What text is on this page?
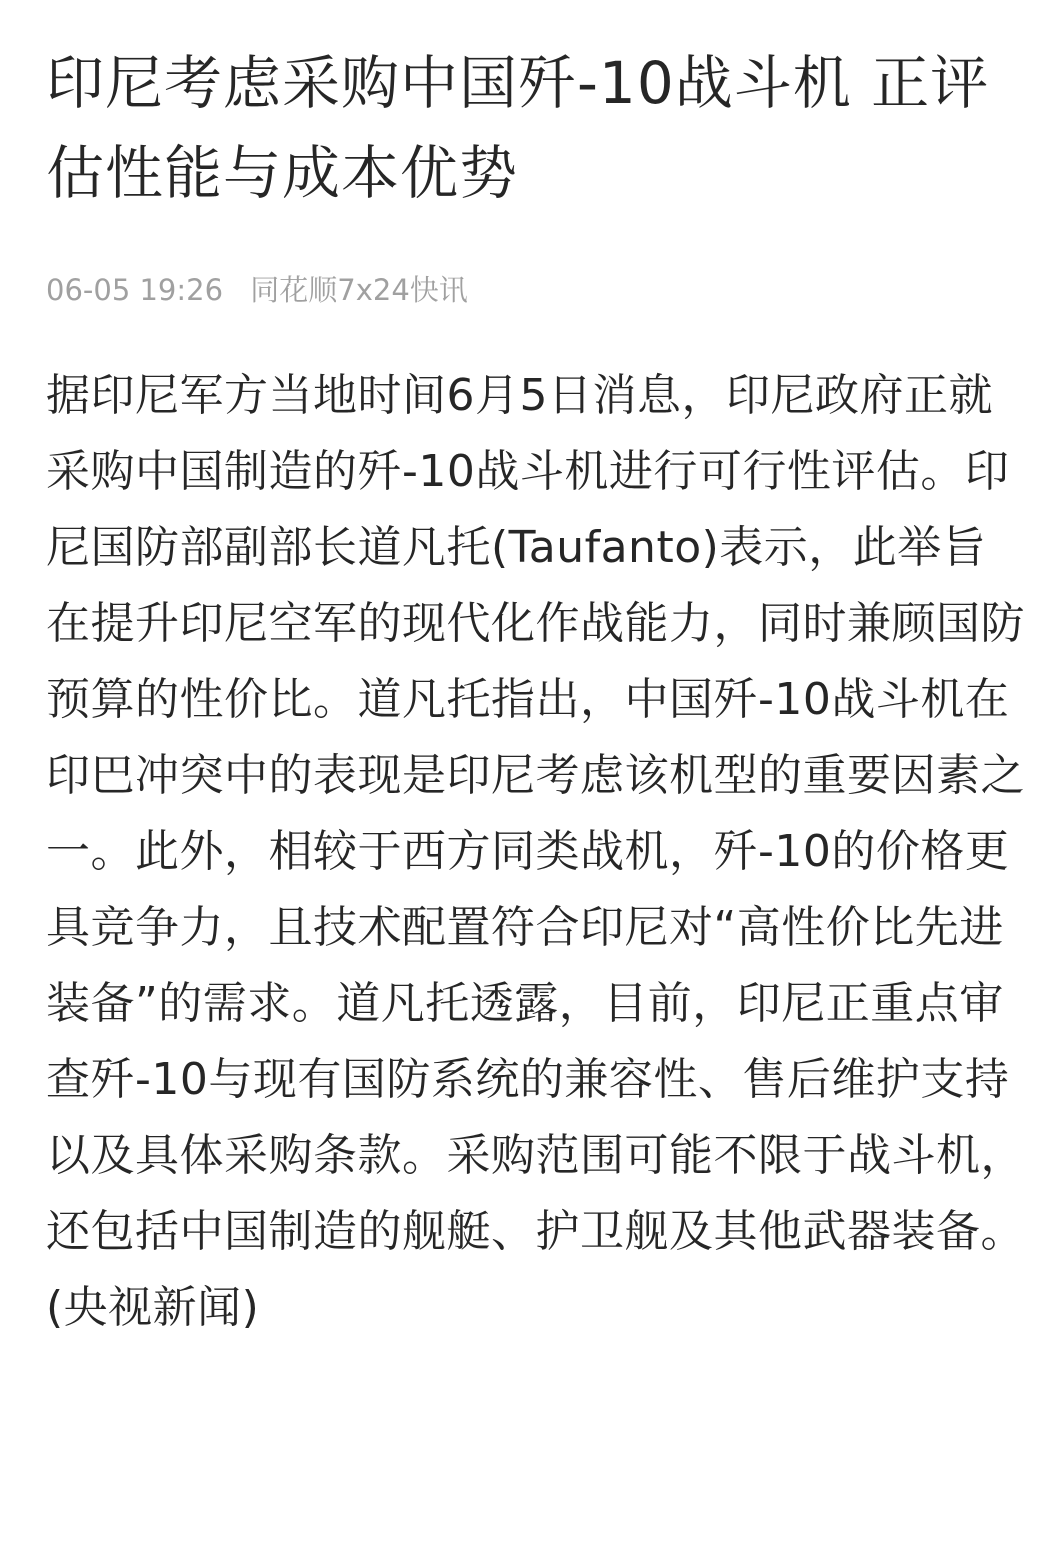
印尼考虑采购中国歼-10战斗机 正评估性能与成本优势
06-05 19:26 同花顺7x24快讯
据印尼军方当地时间6月5日消息，印尼政府正就采购中国制造的歼-10战斗机进行可行性评估。印尼国防部副部长道凡托(Taufanto)表示，此举旨在提升印尼空军的现代化作战能力，同时兼顾国防预算的性价比。道凡托指出，中国歼-10战斗机在印巴冲突中的表现是印尼考虑该机型的重要因素之一。此外，相较于西方同类战机，歼-10的价格更具竞争力，且技术配置符合印尼对“高性价比先进装备”的需求。道凡托透露，目前，印尼正重点审查歼-10与现有国防系统的兼容性、售后维护支持以及具体采购条款。采购范围可能不限于战斗机，还包括中国制造的舰艇、护卫舰及其他武器装备。(央视新闻)
